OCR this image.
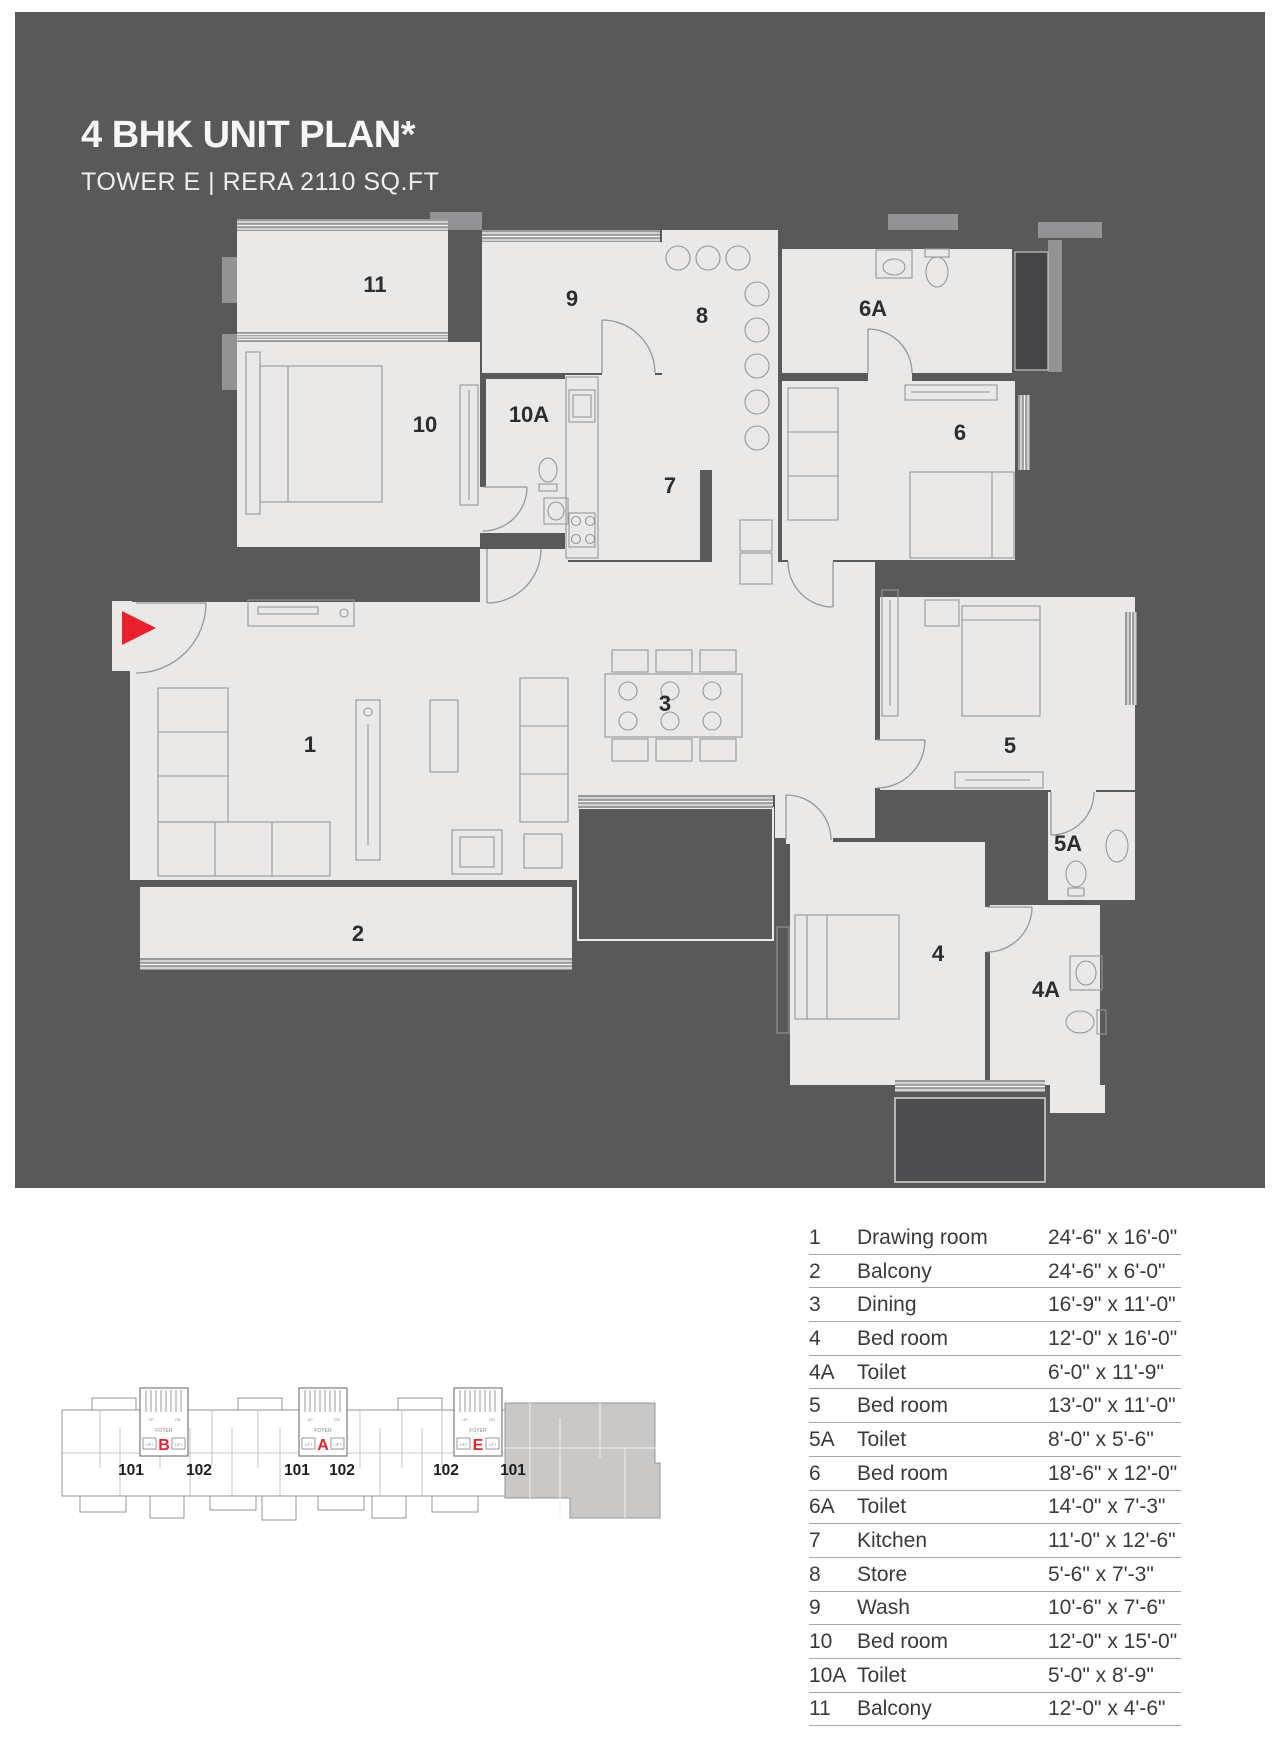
4 BHK UNIT PLAN*
TOWER E | RERA 2110 SQ.FT
1
2
3
4
4A
5
5A
6
6A
7
8
9
10	10A
11
UP	DN
FOYER
LIFT	LIFT
UP	DN
FOYER
LIFT	LIFT
UP	DN
FOYER
LIFT	LIFT
B	A	E
101	102	101 102	102	101
1	Drawing room	24'-6" x 16'-0"
2	Balcony	24'-6" x 6'-0"
3	Dining	16'-9" x 11'-0"
4	Bed room	12'-0" x 16'-0"
4A	Toilet	6'-0" x 11'-9"
5	Bed room	13'-0" x 11'-0"
5A	Toilet	8'-0" x 5'-6"
6	Bed room	18'-6" x 12'-0"
6A	Toilet	14'-0" x 7'-3"
7	Kitchen	11'-0" x 12'-6"
8	Store	5'-6" x 7'-3"
9	Wash	10'-6" x 7'-6"
10	Bed room	12'-0" x 15'-0"
10A Toilet	5'-0" x 8'-9"
11	Balcony	12'-0" x 4'-6"
